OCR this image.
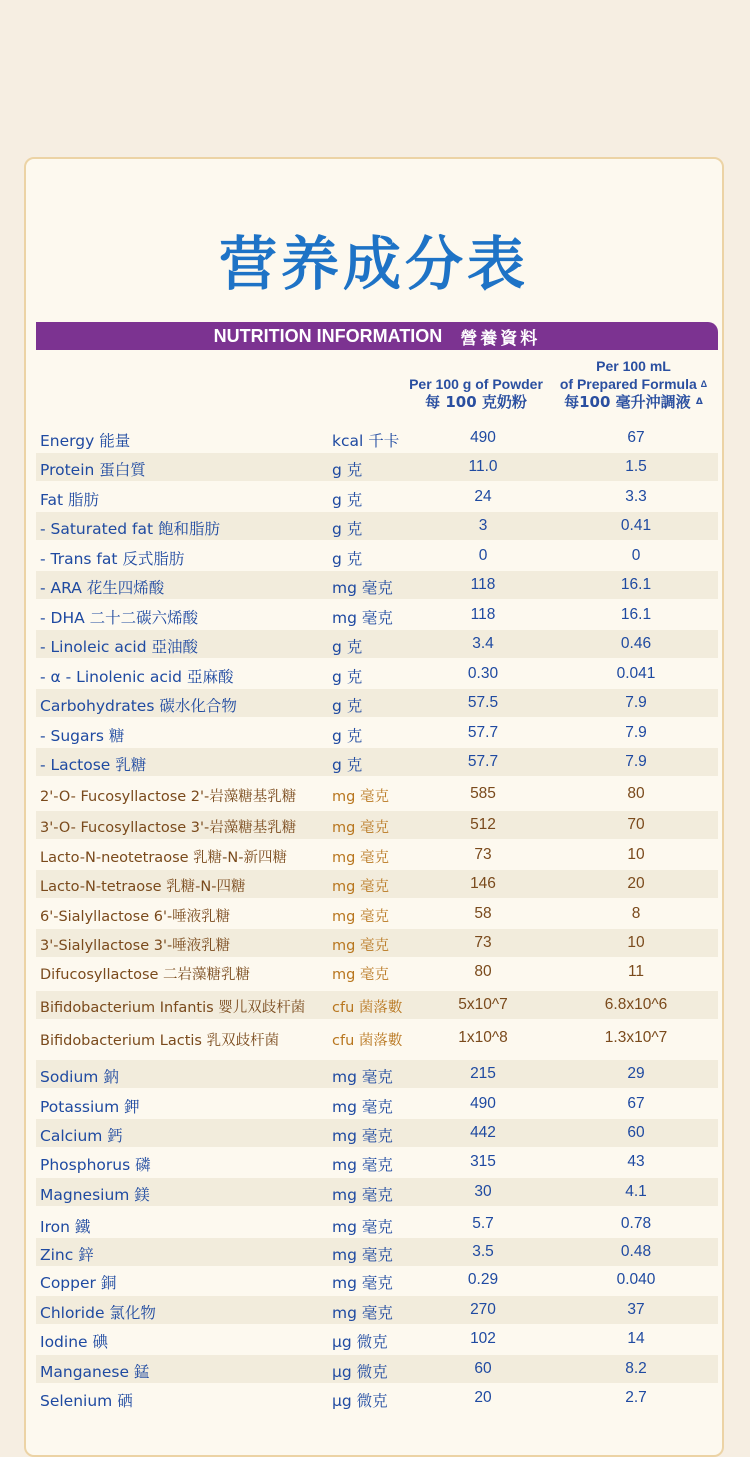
营养成分表
NUTRITION INFORMATION 營養資料
Per 100 g of Powder
每 100 克奶粉
Per 100 mL
of Prepared Formula $^\Delta$
每100 毫升沖調液 $^\Delta$
Energy 能量	kcal 千卡	490	67
Protein 蛋白質	g 克	11.0	1.5
Fat 脂肪	g 克	24	3.3
- Saturated fat 飽和脂肪	g 克	3	0.41
- Trans fat 反式脂肪	g 克	0	0
- ARA 花生四烯酸	mg 毫克	118	16.1
- DHA 二十二碳六烯酸	mg 毫克	118	16.1
- Linoleic acid 亞油酸	g 克	3.4	0.46
- α - Linolenic acid 亞麻酸	g 克	0.30	0.041
Carbohydrates 碳水化合物	g 克	57.5	7.9
- Sugars 糖	g 克	57.7	7.9
- Lactose 乳糖	g 克	57.7	7.9
2'-O- Fucosyllactose 2'-岩藻糖基乳糖 mg 毫克	585	80
3'-O- Fucosyllactose 3'-岩藻糖基乳糖 mg 毫克	512	70
Lacto-N-neotetraose 乳糖-N-新四糖	mg 毫克	73	10
Lacto-N-tetraose 乳糖-N-四糖	mg 毫克	146	20
6'-Sialyllactose 6'-唾液乳糖	mg 毫克	58	8
3'-Sialyllactose 3'-唾液乳糖	mg 毫克	73	10
Difucosyllactose 二岩藻糖乳糖	mg 毫克	80	11
Bifidobacterium Infantis 婴儿双歧杆菌 cfu 菌落數	5x10^7	6.8x10^6
Bifidobacterium Lactis 乳双歧杆菌	cfu 菌落數	1x10^8	1.3x10^7
Sodium 鈉	mg 毫克	215	29
Potassium 鉀	mg 毫克	490	67
Calcium 鈣	mg 毫克	442	60
Phosphorus 磷	mg 毫克	315	43
Magnesium 鎂	mg 毫克	30	4.1
Iron 鐵	mg 毫克	5.7	0.78
Zinc 鋅	mg 毫克	3.5	0.48
Copper 銅	mg 毫克	0.29	0.040
Chloride 氯化物	mg 毫克	270	37
Iodine 碘	μg 微克	102	14
Manganese 錳	μg 微克	60	8.2
Selenium 硒	μg 微克	20	2.7
